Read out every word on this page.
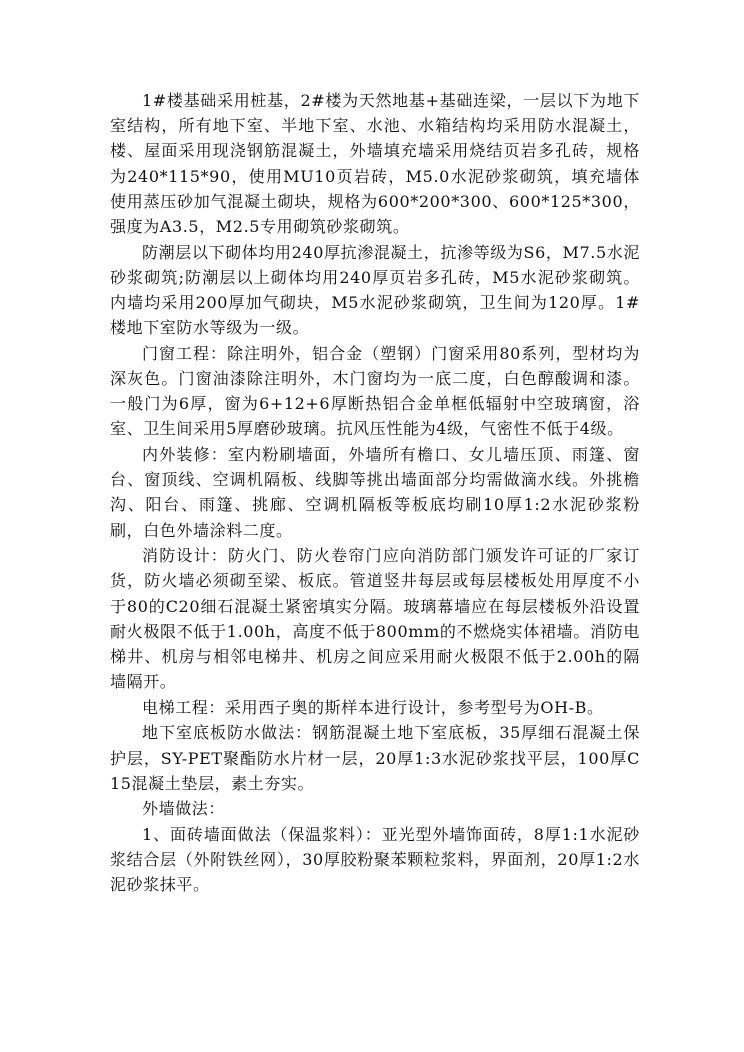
1#楼基础采用桩基，2#楼为天然地基+基础连梁，一层以下为地下室结构，所有地下室、半地下室、水池、水箱结构均采用防水混凝土，楼、屋面采用现浇钢筋混凝土，外墙填充墙采用烧结页岩多孔砖，规格为240*115*90，使用MU10页岩砖，M5.0水泥砂浆砌筑，填充墙体使用蒸压砂加气混凝土砌块，规格为600*200*300、600*125*300，强度为A3.5，M2.5专用砌筑砂浆砌筑。

防潮层以下砌体均用240厚抗渗混凝土，抗渗等级为S6，M7.5水泥砂浆砌筑;防潮层以上砌体均用240厚页岩多孔砖，M5水泥砂浆砌筑。内墙均采用200厚加气砌块，M5水泥砂浆砌筑，卫生间为120厚。1#楼地下室防水等级为一级。

门窗工程：除注明外，铝合金（塑钢）门窗采用80系列，型材均为深灰色。门窗油漆除注明外，木门窗均为一底二度，白色醇酸调和漆。一般门为6厚，窗为6+12+6厚断热铝合金单框低辐射中空玻璃窗，浴室、卫生间采用5厚磨砂玻璃。抗风压性能为4级，气密性不低于4级。

内外装修：室内粉刷墙面，外墙所有檐口、女儿墙压顶、雨篷、窗台、窗顶线、空调机隔板、线脚等挑出墙面部分均需做滴水线。外挑檐沟、阳台、雨篷、挑廊、空调机隔板等板底均刷10厚1:2水泥砂浆粉刷，白色外墙涂料二度。

消防设计：防火门、防火卷帘门应向消防部门颁发许可证的厂家订货，防火墙必须砌至梁、板底。管道竖井每层或每层楼板处用厚度不小于80的C20细石混凝土紧密填实分隔。玻璃幕墙应在每层楼板外沿设置耐火极限不低于1.00h，高度不低于800mm的不燃烧实体裙墙。消防电梯井、机房与相邻电梯井、机房之间应采用耐火极限不低于2.00h的隔墙隔开。

电梯工程：采用西子奥的斯样本进行设计，参考型号为OH-B。

地下室底板防水做法：钢筋混凝土地下室底板，35厚细石混凝土保护层，SY-PET聚酯防水片材一层，20厚1:3水泥砂浆找平层，100厚C15混凝土垫层，素土夯实。

外墙做法：

1、面砖墙面做法（保温浆料）：亚光型外墙饰面砖，8厚1:1水泥砂浆结合层（外附铁丝网），30厚胶粉聚苯颗粒浆料，界面剂，20厚1:2水泥砂浆抹平。
